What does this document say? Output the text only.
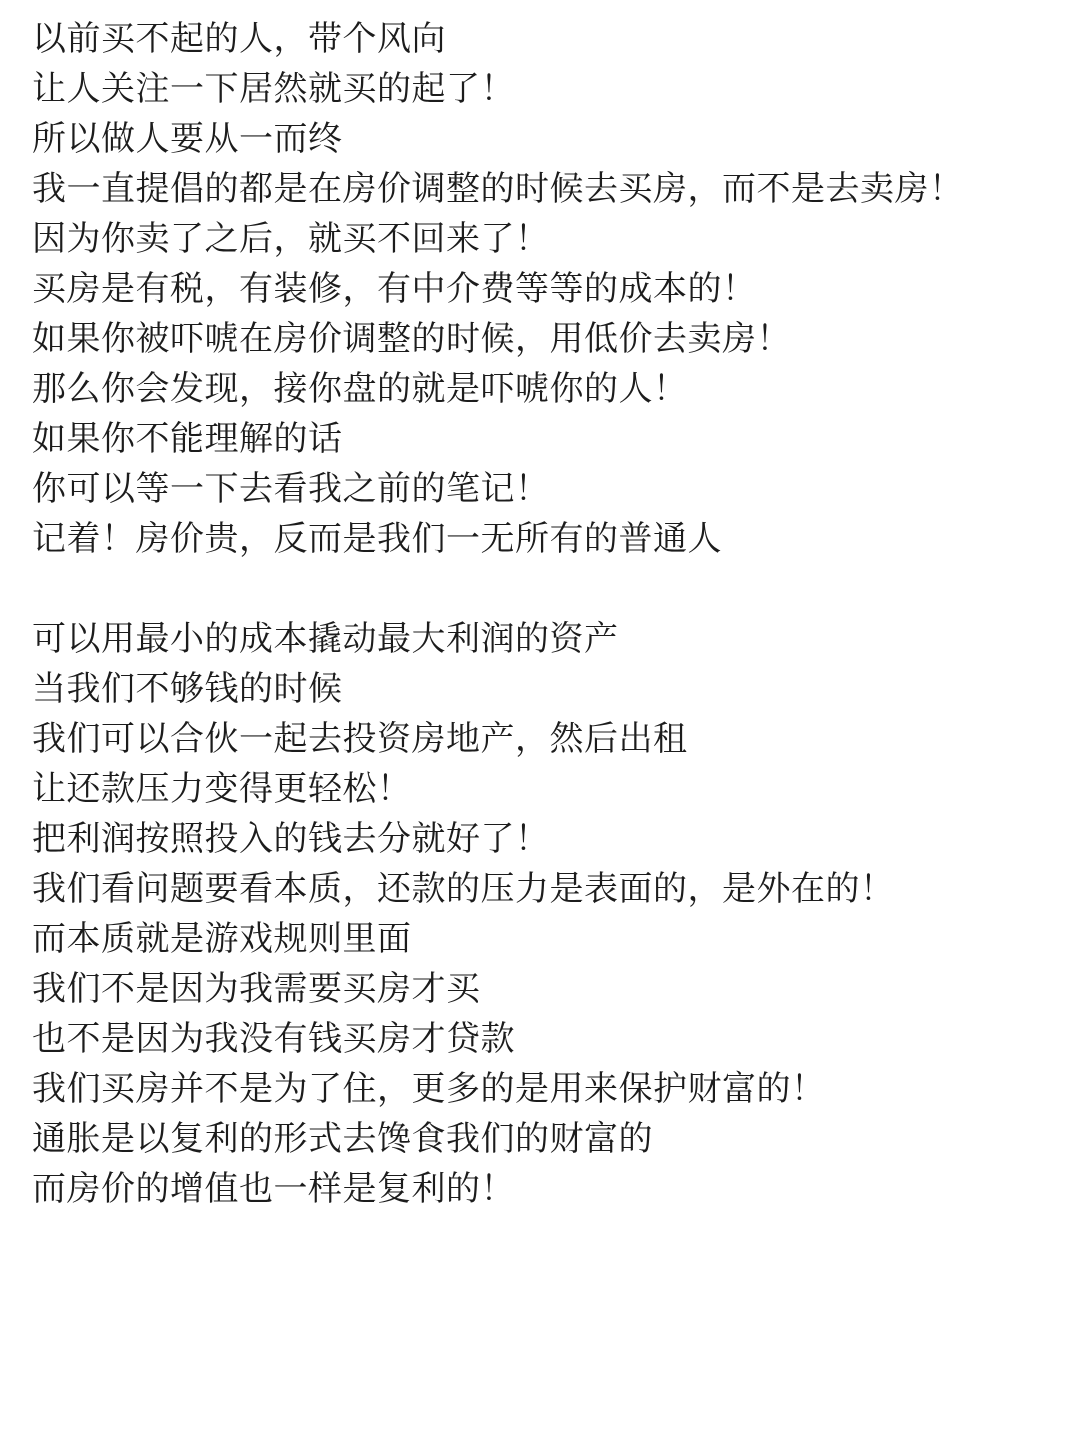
以前买不起的人，带个风向
让人关注一下居然就买的起了！
所以做人要从一而终
我一直提倡的都是在房价调整的时候去买房，而不是去卖房！
因为你卖了之后，就买不回来了！
买房是有税，有装修，有中介费等等的成本的！
如果你被吓唬在房价调整的时候，用低价去卖房！
那么你会发现，接你盘的就是吓唬你的人！
如果你不能理解的话
你可以等一下去看我之前的笔记！
记着！房价贵，反而是我们一无所有的普通人
可以用最小的成本撬动最大利润的资产
当我们不够钱的时候
我们可以合伙一起去投资房地产，然后出租
让还款压力变得更轻松！
把利润按照投入的钱去分就好了！
我们看问题要看本质，还款的压力是表面的，是外在的！
而本质就是游戏规则里面
我们不是因为我需要买房才买
也不是因为我没有钱买房才贷款
我们买房并不是为了住，更多的是用来保护财富的！
通胀是以复利的形式去馋食我们的财富的
而房价的增值也一样是复利的！
